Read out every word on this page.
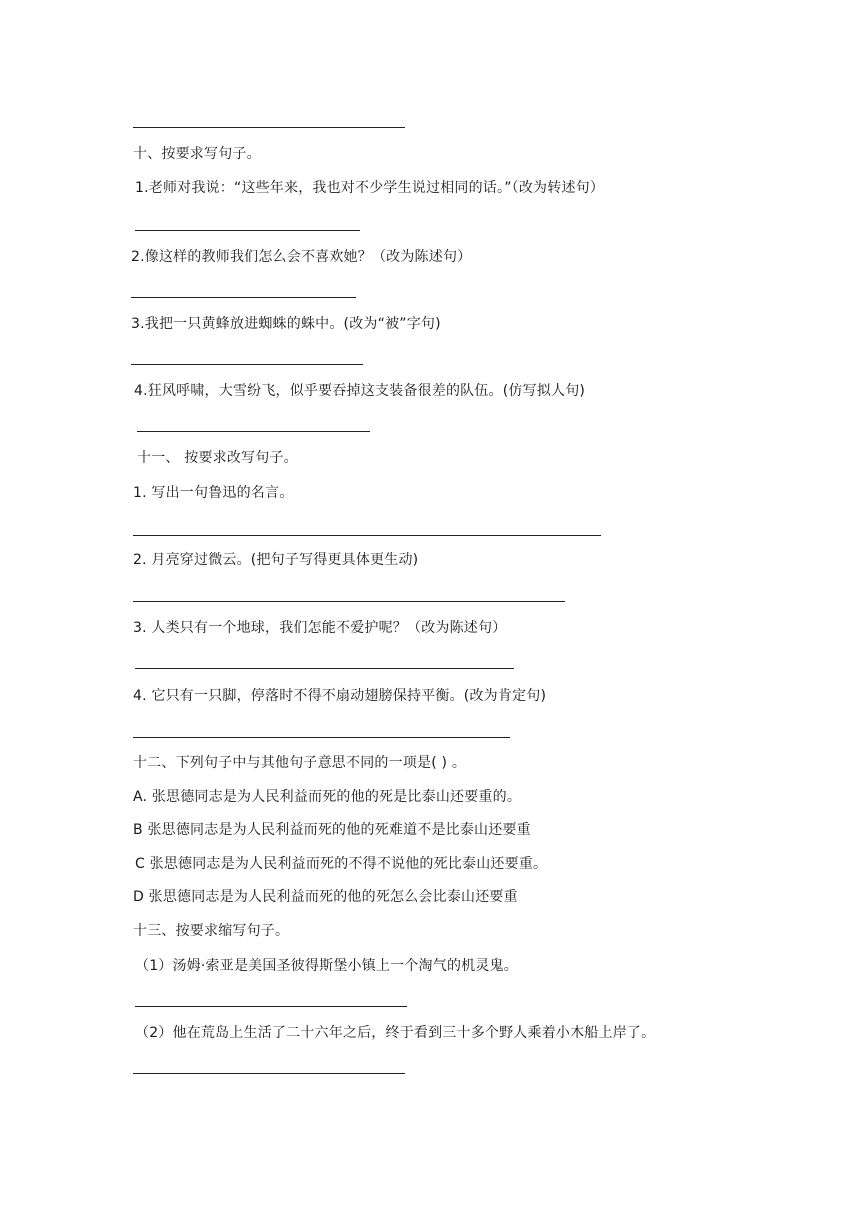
十、按要求写句子。
1.老师对我说：“这些年来，我也对不少学生说过相同的话。”（改为转述句）
2.像这样的教师我们怎么会不喜欢她？（改为陈述句）
3.我把一只黄蜂放进蜘蛛的蛛中。(改为“被”字句)
4.狂风呼啸，大雪纷飞，似乎要吞掉这支装备很差的队伍。(仿写拟人句)
十一、 按要求改写句子。
1. 写出一句鲁迅的名言。
2. 月亮穿过微云。(把句子写得更具体更生动)
3. 人类只有一个地球，我们怎能不爱护呢？（改为陈述句）
4. 它只有一只脚，停落时不得不扇动翅膀保持平衡。(改为肯定句)
十二、下列句子中与其他句子意思不同的一项是( ) 。
A. 张思德同志是为人民利益而死的他的死是比泰山还要重的。
B 张思德同志是为人民利益而死的他的死难道不是比泰山还要重
C 张思德同志是为人民利益而死的不得不说他的死比泰山还要重。
D 张思德同志是为人民利益而死的他的死怎么会比泰山还要重
十三、按要求缩写句子。
（1）汤姆·索亚是美国圣彼得斯堡小镇上一个淘气的机灵鬼。
（2）他在荒岛上生活了二十六年之后，终于看到三十多个野人乘着小木船上岸了。
